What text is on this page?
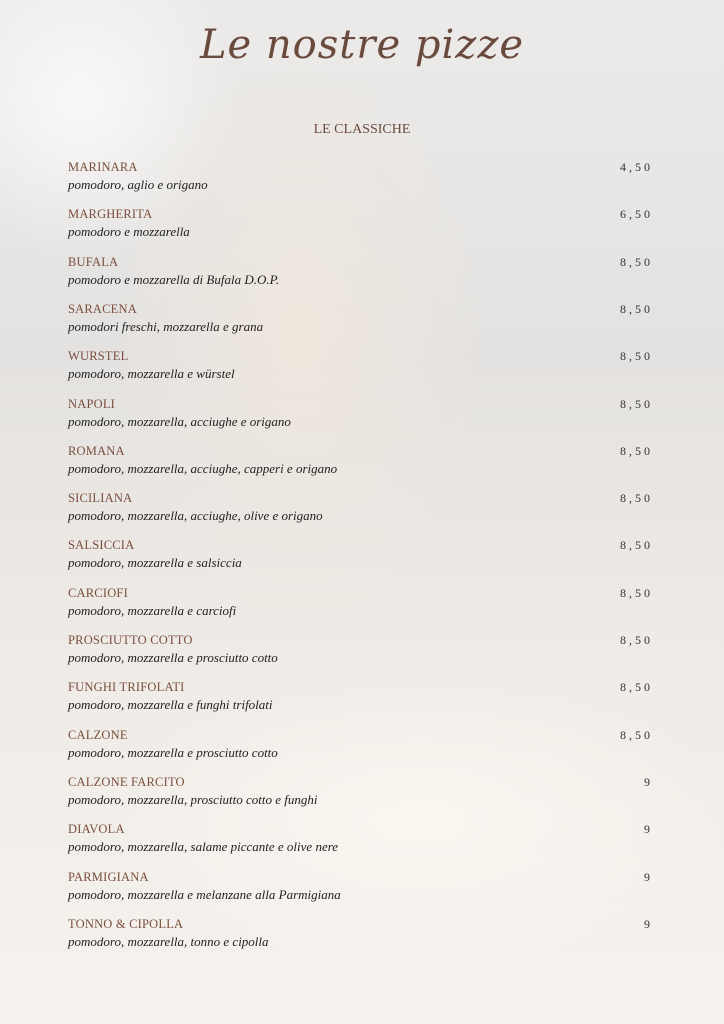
Le nostre pizze
LE CLASSICHE
MARINARA
pomodoro, aglio e origano
4,50
MARGHERITA
pomodoro e mozzarella
6,50
BUFALA
pomodoro e mozzarella di Bufala D.O.P.
8,50
SARACENA
pomodori freschi, mozzarella e grana
8,50
WURSTEL
pomodoro, mozzarella e würstel
8,50
NAPOLI
pomodoro, mozzarella, acciughe e origano
8,50
ROMANA
pomodoro, mozzarella, acciughe, capperi e origano
8,50
SICILIANA
pomodoro, mozzarella, acciughe, olive e origano
8,50
SALSICCIA
pomodoro, mozzarella e salsiccia
8,50
CARCIOFI
pomodoro, mozzarella e carciofi
8,50
PROSCIUTTO COTTO
pomodoro, mozzarella e prosciutto cotto
8,50
FUNGHI TRIFOLATI
pomodoro, mozzarella e funghi trifolati
8,50
CALZONE
pomodoro, mozzarella e prosciutto cotto
8,50
CALZONE FARCITO
pomodoro, mozzarella, prosciutto cotto e funghi
9
DIAVOLA
pomodoro, mozzarella, salame piccante e olive nere
9
PARMIGIANA
pomodoro, mozzarella e melanzane alla Parmigiana
9
TONNO & CIPOLLA
pomodoro, mozzarella, tonno e cipolla
9
